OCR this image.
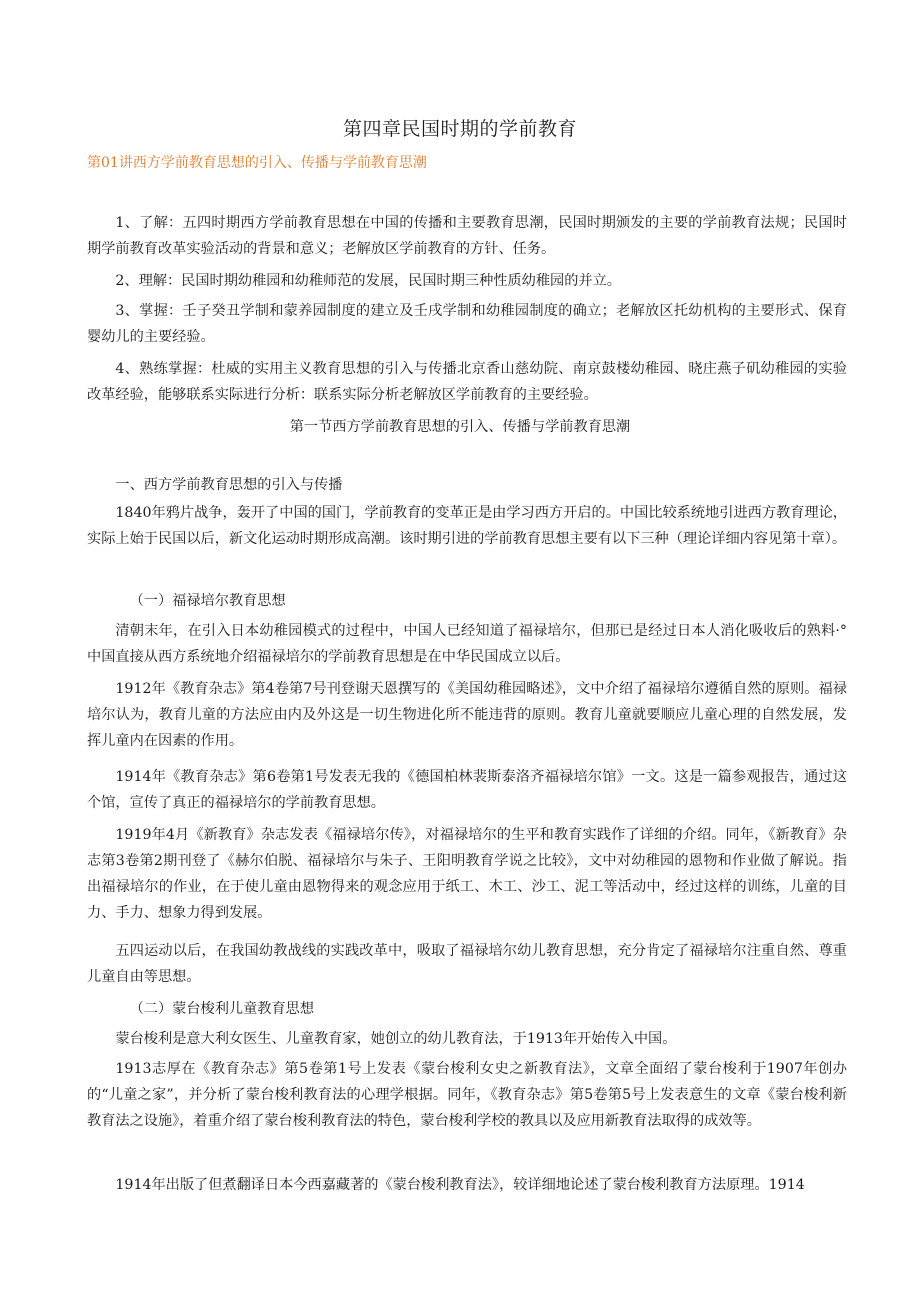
第四章民国时期的学前教育
第01讲西方学前教育思想的引入、传播与学前教育思潮

1、了解：五四时期西方学前教育思想在中国的传播和主要教育思潮，民国时期颁发的主要的学前教育法规；民国时期学前教育改革实验活动的背景和意义；老解放区学前教育的方针、任务。

2、理解：民国时期幼稚园和幼稚师范的发展，民国时期三种性质幼稚园的并立。

3、掌握：壬子癸丑学制和蒙养园制度的建立及壬戌学制和幼稚园制度的确立；老解放区托幼机构的主要形式、保育婴幼儿的主要经验。

4、熟练掌握：杜威的实用主义教育思想的引入与传播北京香山慈幼院、南京鼓楼幼稚园、晓庄燕子矶幼稚园的实验改革经验，能够联系实际进行分析：联系实际分析老解放区学前教育的主要经验。

第一节西方学前教育思想的引入、传播与学前教育思潮
一、西方学前教育思想的引入与传播

1840年鸦片战争，轰开了中国的国门，学前教育的变革正是由学习西方开启的。中国比较系统地引进西方教育理论，实际上始于民国以后，新文化运动时期形成高潮。该时期引进的学前教育思想主要有以下三种（理论详细内容见第十章）。

（一）福禄培尔教育思想

清朝末年，在引入日本幼稚园模式的过程中，中国人已经知道了福禄培尔，但那已是经过日本人消化吸收后的熟料·° 中国直接从西方系统地介绍福禄培尔的学前教育思想是在中华民国成立以后。

1912年《教育杂志》第4卷第7号刊登谢天恩撰写的《美国幼稚园略述》，文中介绍了福禄培尔遵循自然的原则。福禄培尔认为，教育儿童的方法应由内及外这是一切生物进化所不能违背的原则。教育儿童就要顺应儿童心理的自然发展，发挥儿童内在因素的作用。

1914年《教育杂志》第6卷第1号发表无我的《德国柏林裴斯泰洛齐福禄培尔馆》一文。这是一篇参观报告，通过这个馆，宣传了真正的福禄培尔的学前教育思想。

1919年4月《新教育》杂志发表《福禄培尔传》，对福禄培尔的生平和教育实践作了详细的介绍。同年，《新教育》杂志第3卷第2期刊登了《赫尔伯脱、福禄培尔与朱子、王阳明教育学说之比较》，文中对幼稚园的恩物和作业做了解说。指出福禄培尔的作业，在于使儿童由恩物得来的观念应用于纸工、木工、沙工、泥工等活动中，经过这样的训练，儿童的目力、手力、想象力得到发展。

五四运动以后，在我国幼教战线的实践改革中，吸取了福禄培尔幼儿教育思想，充分肯定了福禄培尔注重自然、尊重儿童自由等思想。

（二）蒙台梭利儿童教育思想

蒙台梭利是意大利女医生、儿童教育家，她创立的幼儿教育法，于1913年开始传入中国。

1913志厚在《教育杂志》第5卷第1号上发表《蒙台梭利女史之新教育法》，文章全面绍了蒙台梭利于1907年创办的“儿童之家”，并分析了蒙台梭利教育法的心理学根据。同年，《教育杂志》第5卷第5号上发表意生的文章《蒙台梭利新教育法之设施》，着重介绍了蒙台梭利教育法的特色，蒙台梭利学校的教具以及应用新教育法取得的成效等。

1914年出版了但煮翻译日本今西嘉藏著的《蒙台梭利教育法》，较详细地论述了蒙台梭利教育方法原理。1914
